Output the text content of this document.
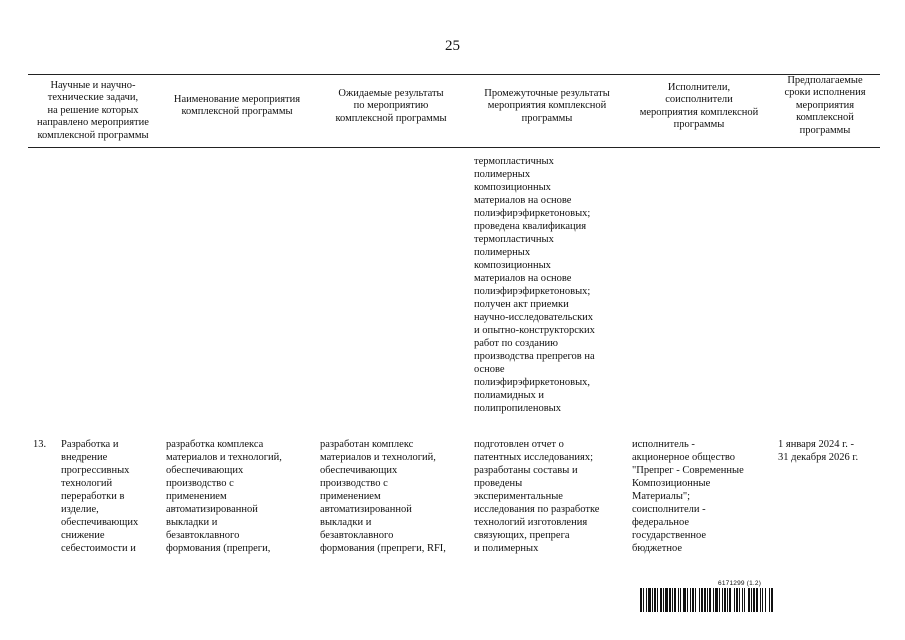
25
Научные и научно-
технические задачи,
на решение которых
направлено мероприятие
комплексной программы
Наименование мероприятия
комплексной программы
Ожидаемые результаты
по мероприятию
комплексной программы
Промежуточные результаты
мероприятия комплексной
программы
Исполнители,
соисполнители
мероприятия комплексной
программы
Предполагаемые
сроки исполнения
мероприятия
комплексной
программы
термопластичных
полимерных
композиционных
материалов на основе
полиэфирэфиркетоновых;
проведена квалификация
термопластичных
полимерных
композиционных
материалов на основе
полиэфирэфиркетоновых;
получен акт приемки
научно-исследовательских
и опытно-конструкторских
работ по созданию
производства препрегов на
основе
полиэфирэфиркетоновых,
полиамидных и
полипропиленовых
13.	Разработка и
внедрение
прогрессивных
технологий
переработки в
изделие,
обеспечивающих
снижение
себестоимости и
разработка комплекса
материалов и технологий,
обеспечивающих
производство с
применением
автоматизированной
выкладки и
безавтоклавного
формования (препреги,
разработан комплекс
материалов и технологий,
обеспечивающих
производство с
применением
автоматизированной
выкладки и
безавтоклавного
формования (препреги, RFI,
подготовлен отчет о
патентных исследованиях;
разработаны составы и
проведены
экспериментальные
исследования по разработке
технологий изготовления
связующих, препрега
и полимерных
исполнитель -
акционерное общество
"Препрег - Современные
Композиционные
Материалы";
соисполнители -
федеральное
государственное
бюджетное
1 января 2024 г. -
31 декабря 2026 г.
6171299 (1.2)
